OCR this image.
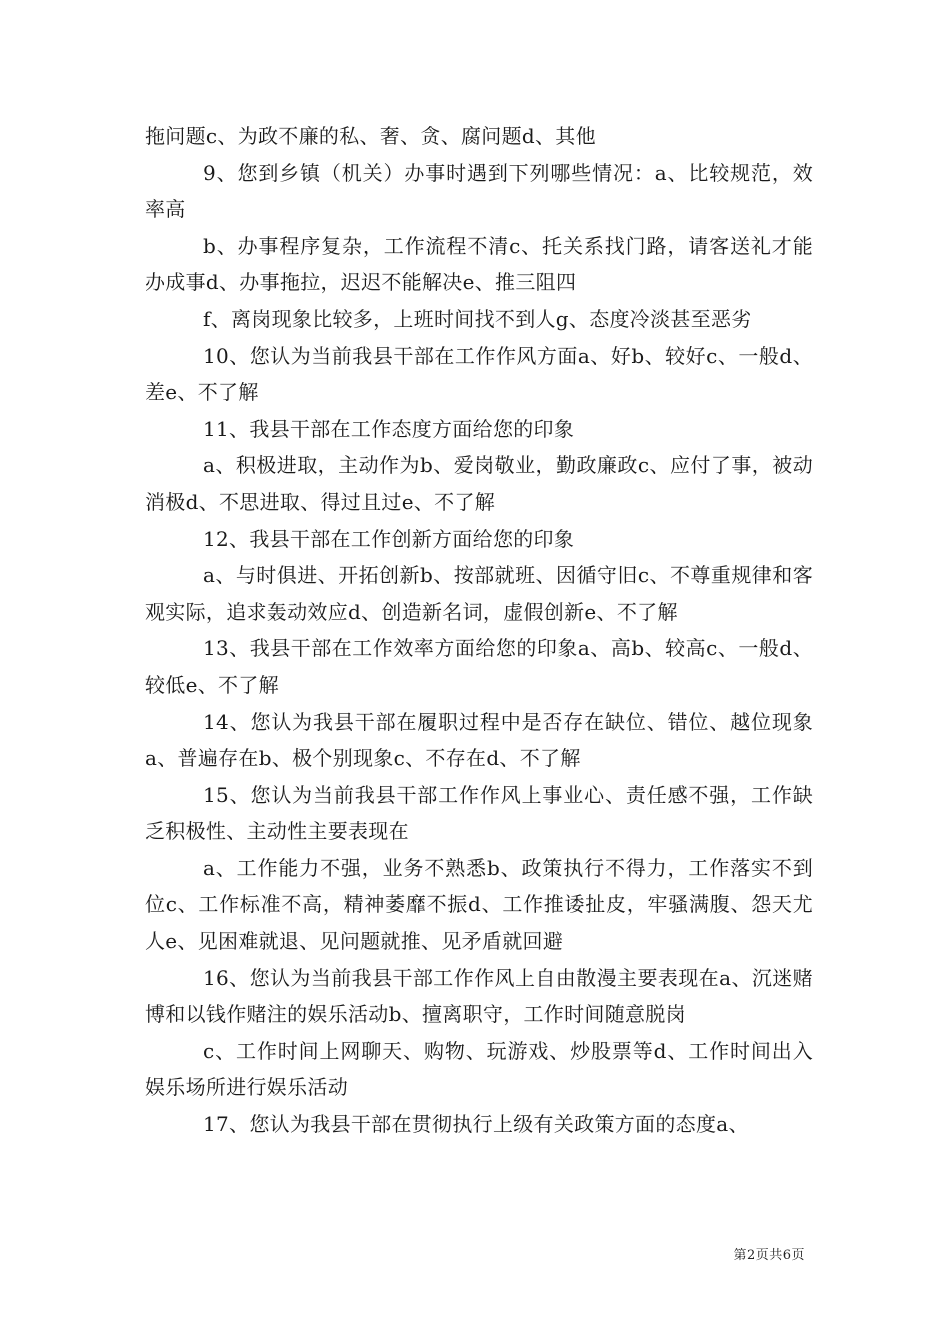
拖问题c、为政不廉的私、奢、贪、腐问题d、其他

9、您到乡镇（机关）办事时遇到下列哪些情况：a、比较规范，效率高

b、办事程序复杂，工作流程不清c、托关系找门路，请客送礼才能办成事d、办事拖拉，迟迟不能解决e、推三阻四

f、离岗现象比较多，上班时间找不到人g、态度冷淡甚至恶劣

10、您认为当前我县干部在工作作风方面a、好b、较好c、一般d、差e、不了解

11、我县干部在工作态度方面给您的印象

a、积极进取，主动作为b、爱岗敬业，勤政廉政c、应付了事，被动消极d、不思进取、得过且过e、不了解

12、我县干部在工作创新方面给您的印象

a、与时俱进、开拓创新b、按部就班、因循守旧c、不尊重规律和客观实际，追求轰动效应d、创造新名词，虚假创新e、不了解

13、我县干部在工作效率方面给您的印象a、高b、较高c、一般d、较低e、不了解

14、您认为我县干部在履职过程中是否存在缺位、错位、越位现象a、普遍存在b、极个别现象c、不存在d、不了解

15、您认为当前我县干部工作作风上事业心、责任感不强，工作缺乏积极性、主动性主要表现在

a、工作能力不强，业务不熟悉b、政策执行不得力，工作落实不到位c、工作标准不高，精神萎靡不振d、工作推诿扯皮，牢骚满腹、怨天尤人e、见困难就退、见问题就推、见矛盾就回避

16、您认为当前我县干部工作作风上自由散漫主要表现在a、沉迷赌博和以钱作赌注的娱乐活动b、擅离职守，工作时间随意脱岗

c、工作时间上网聊天、购物、玩游戏、炒股票等d、工作时间出入娱乐场所进行娱乐活动

17、您认为我县干部在贯彻执行上级有关政策方面的态度a、

第2页共6页
